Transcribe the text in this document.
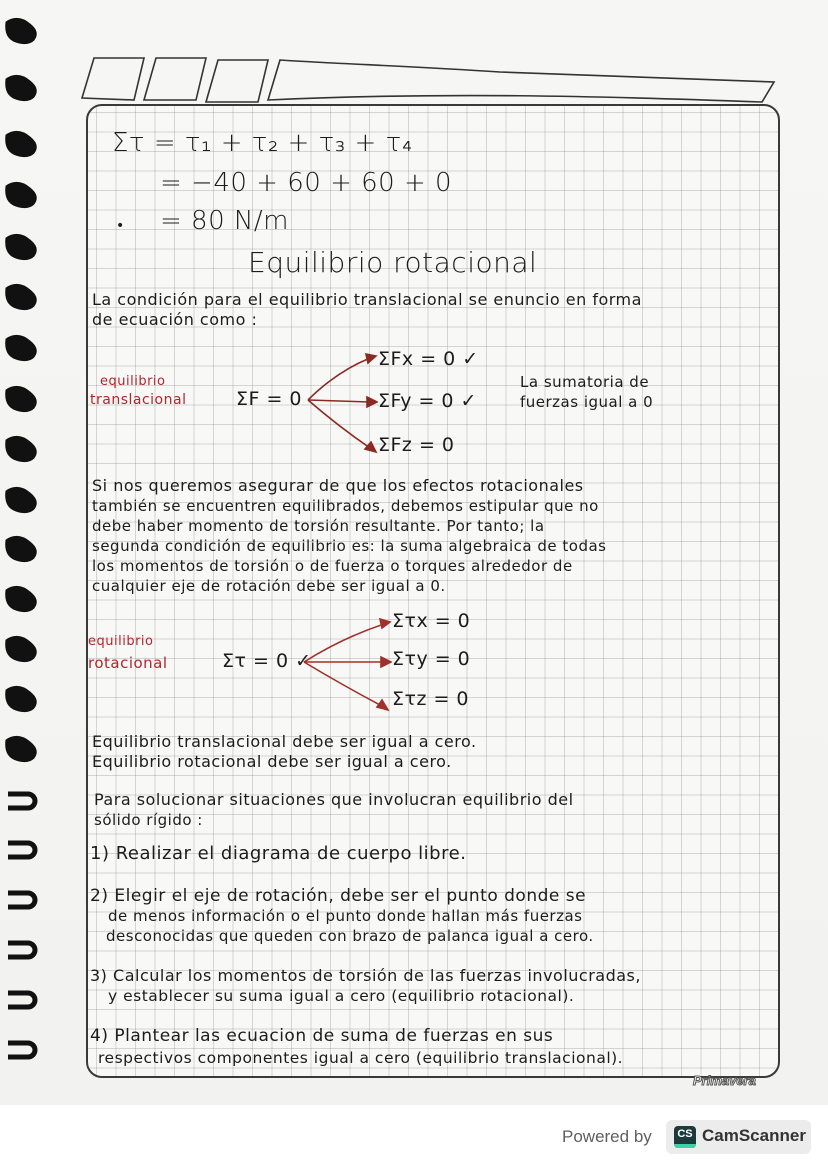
Στ = τ₁ + τ₂ + τ₃ + τ₄
= −40 + 60 + 60 + 0
• = 80 N/m
Equilibrio rotacional
La condición para el equilibrio translacional se enuncio en forma
de ecuación como :
equilibrio
translacional	ΣF = 0
ΣFx = 0 ✓
ΣFy = 0 ✓
ΣFz = 0
La sumatoria de
fuerzas igual a 0
Si nos queremos asegurar de que los efectos rotacionales
también se encuentren equilibrados, debemos estipular que no
debe haber momento de torsión resultante. Por tanto; la
segunda condición de equilibrio es: la suma algebraica de todas
los momentos de torsión o de fuerza o torques alrededor de
cualquier eje de rotación debe ser igual a 0.
equilibrio
rotacional	Στ = 0 ✓
Στx = 0
Στy = 0
Στz = 0
Equilibrio translacional debe ser igual a cero.
Equilibrio rotacional debe ser igual a cero.
Para solucionar situaciones que involucran equilibrio del
sólido rígido :
1) Realizar el diagrama de cuerpo libre.
2) Elegir el eje de rotación, debe ser el punto donde se
de menos información o el punto donde hallan más fuerzas
desconocidas que queden con brazo de palanca igual a cero.
3) Calcular los momentos de torsión de las fuerzas involucradas,
y establecer su suma igual a cero (equilibrio rotacional).
4) Plantear las ecuacion de suma de fuerzas en sus
respectivos componentes igual a cero (equilibrio translacional).
Primavera
Powered by	CS CamScanner
